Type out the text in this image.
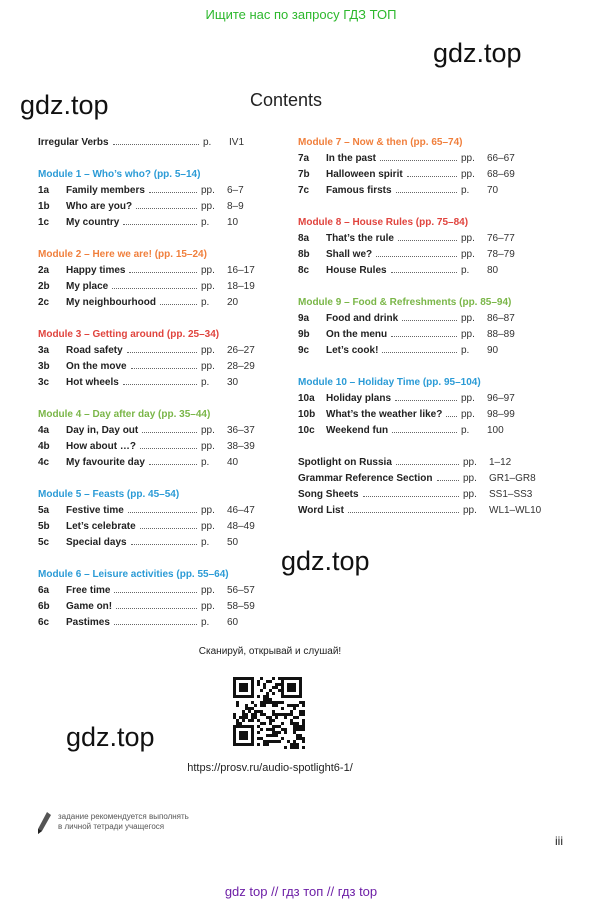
Ищите нас по запросу ГДЗ ТОП
gdz.top
gdz.top
gdz.top
gdz.top
Contents
Irregular Verbs	p.	IV1
Module 1 – Who’s who? (pp. 5–14)
1a	Family members	pp.	6–7
1b	Who are you?	pp.	8–9
1c	My country	p.	10
Module 2 – Here we are! (pp. 15–24)
2a	Happy times	pp.	16–17
2b	My place	pp.	18–19
2c	My neighbourhood	p.	20
Module 3 – Getting around (pp. 25–34)
3a	Road safety	pp.	26–27
3b	On the move	pp.	28–29
3c	Hot wheels	p.	30
Module 4 – Day after day (pp. 35–44)
4a	Day in, Day out	pp.	36–37
4b	How about …?	pp.	38–39
4c	My favourite day	p.	40
Module 5 – Feasts (pp. 45–54)
5a	Festive time	pp.	46–47
5b	Let’s celebrate	pp.	48–49
5c	Special days	p.	50
Module 6 – Leisure activities (pp. 55–64)
6a	Free time	pp.	56–57
6b	Game on!	pp.	58–59
6c	Pastimes	p.	60
Module 7 – Now & then (pp. 65–74)
7a	In the past	pp.	66–67
7b	Halloween spirit	pp.	68–69
7c	Famous firsts	p.	70
Module 8 – House Rules (pp. 75–84)
8a	That’s the rule	pp.	76–77
8b	Shall we?	pp.	78–79
8c	House Rules	p.	80
Module 9 – Food & Refreshments (pp. 85–94)
9a	Food and drink	pp.	86–87
9b	On the menu	pp.	88–89
9c	Let’s cook!	p.	90
Module 10 – Holiday Time (pp. 95–104)
10a	Holiday plans	pp.	96–97
10b	What’s the weather like? pp.	98–99
10c	Weekend fun	p.	100
Spotlight on Russia	pp.	1–12
Grammar Reference Section	pp.	GR1–GR8
Song Sheets	pp.	SS1–SS3
Word List	pp.	WL1–WL10
Сканируй, открывай и слушай!
https://prosv.ru/audio-spotlight6-1/
задание рекомендуется выполнять
в личной тетради учащегося
iii
gdz top // гдз топ // гдз top
